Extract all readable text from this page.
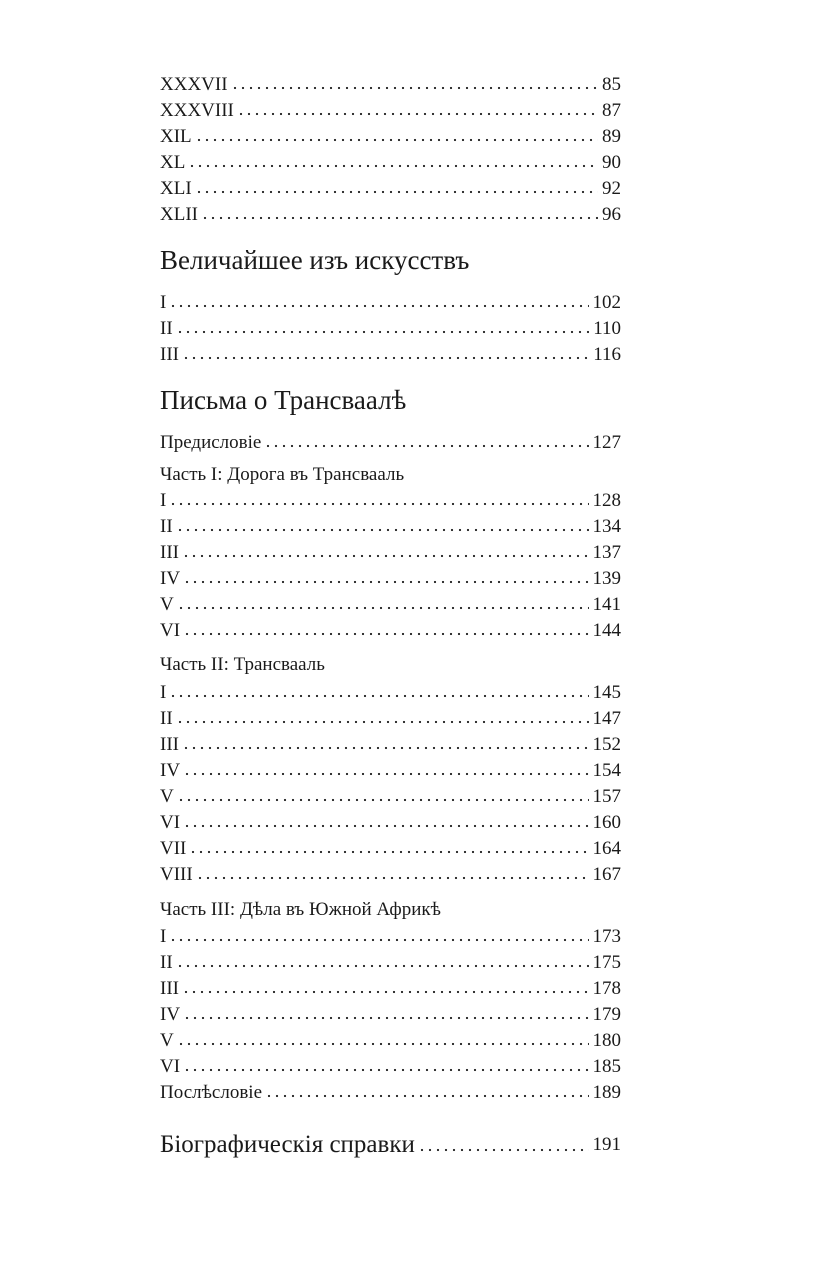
XXXVII	85
XXXVIII	87
XIL	89
XL	90
XLI	92
XLII	96
Величайшее изъ искусствъ
I	102
II	110
III	116
Письма о Трансваалѣ
Предисловіе	127
Часть I: Дорога въ Трансвааль
I	128
II	134
III	137
IV	139
V	141
VI	144
Часть II: Трансвааль
I	145
II	147
III	152
IV	154
V	157
VI	160
VII	164
VIII	167
Часть III: Дѣла въ Южной Африкѣ
I	173
II	175
III	178
IV	179
V	180
VI	185
Послѣсловіе	189
Біографическія справки	191
